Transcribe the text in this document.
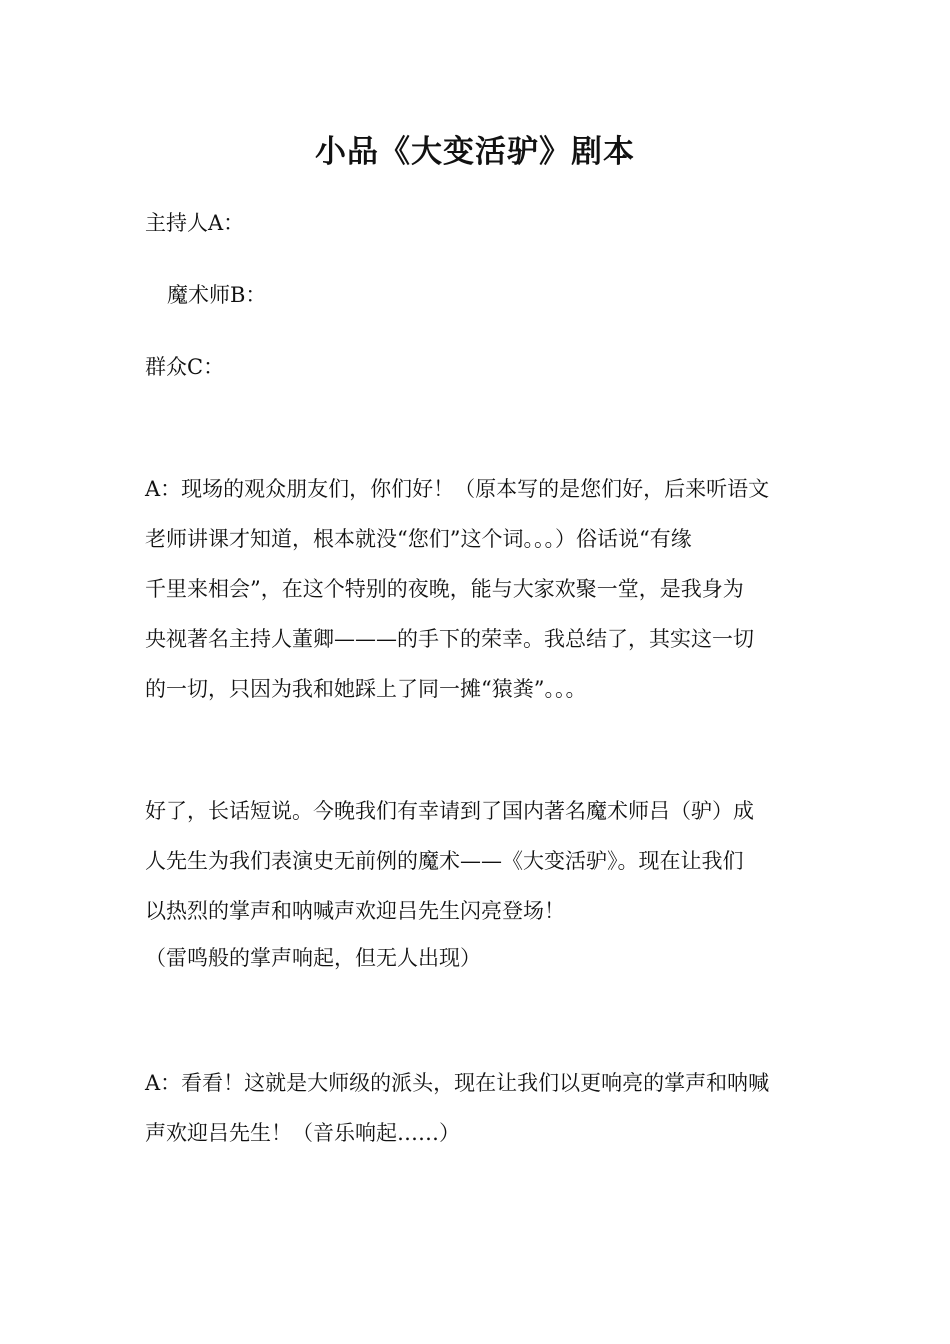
小品《大变活驴》剧本
主持人A：
魔术师B：
群众C：
A：现场的观众朋友们，你们好！（原本写的是您们好，后来听语文
老师讲课才知道，根本就没“您们”这个词。。。）俗话说“有缘
千里来相会”，在这个特别的夜晚，能与大家欢聚一堂，是我身为
央视著名主持人董卿———的手下的荣幸。我总结了，其实这一切
的一切，只因为我和她踩上了同一摊“猿粪”。。。
好了，长话短说。今晚我们有幸请到了国内著名魔术师吕（驴）成
人先生为我们表演史无前例的魔术——《大变活驴》。现在让我们
以热烈的掌声和呐喊声欢迎吕先生闪亮登场！
（雷鸣般的掌声响起，但无人出现）
A：看看！这就是大师级的派头，现在让我们以更响亮的掌声和呐喊
声欢迎吕先生！（音乐响起……）
